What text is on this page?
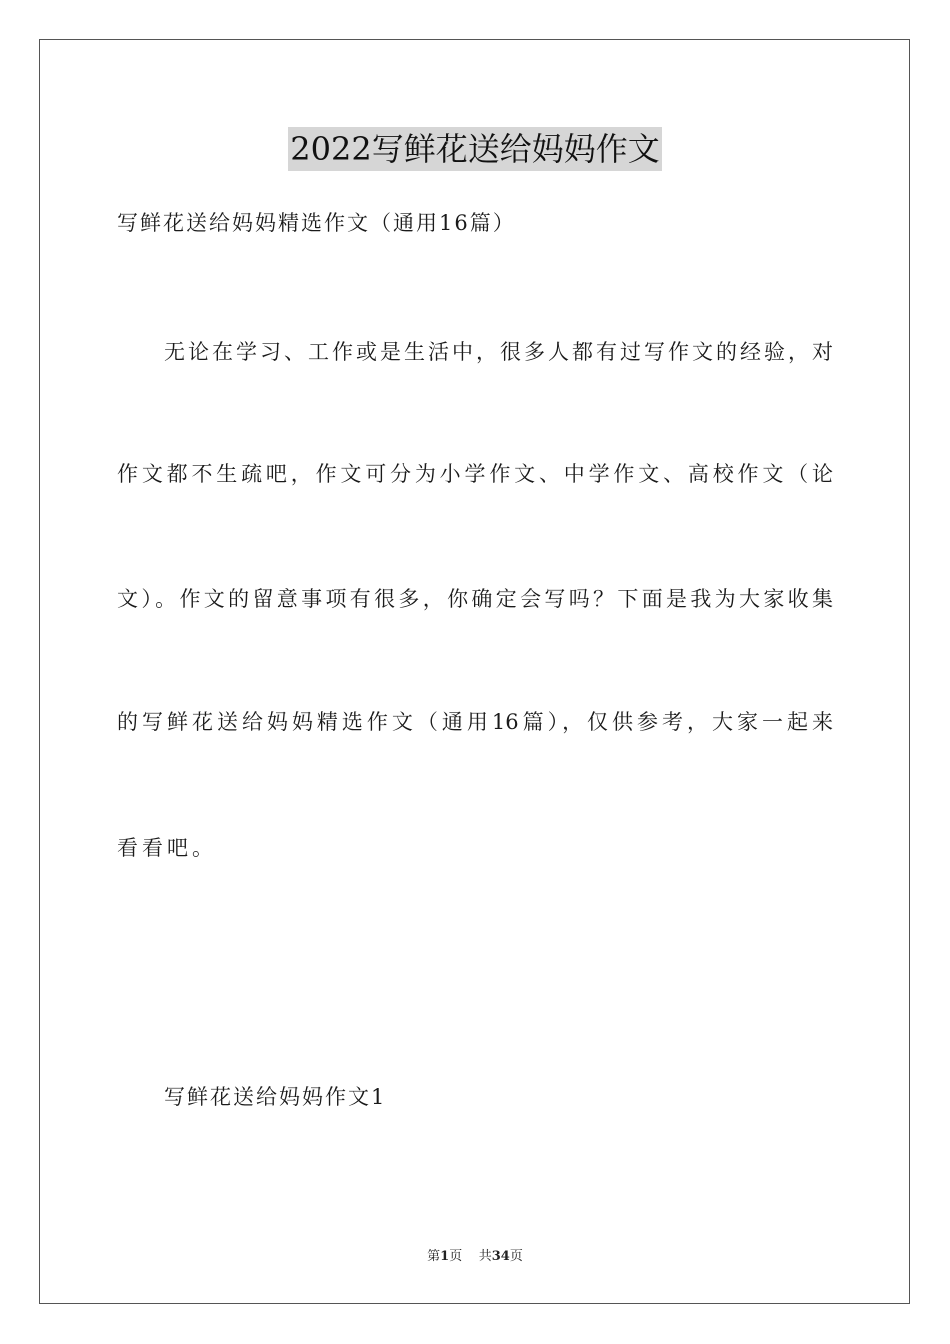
2022写鲜花送给妈妈作文
写鲜花送给妈妈精选作文（通用16篇）
无论在学习、工作或是生活中，很多人都有过写作文的经验，对
作文都不生疏吧，作文可分为小学作文、中学作文、高校作文（论
文）。作文的留意事项有很多，你确定会写吗？下面是我为大家收集
的写鲜花送给妈妈精选作文（通用16篇），仅供参考，大家一起来
看看吧。
写鲜花送给妈妈作文1
第1页 共34页
